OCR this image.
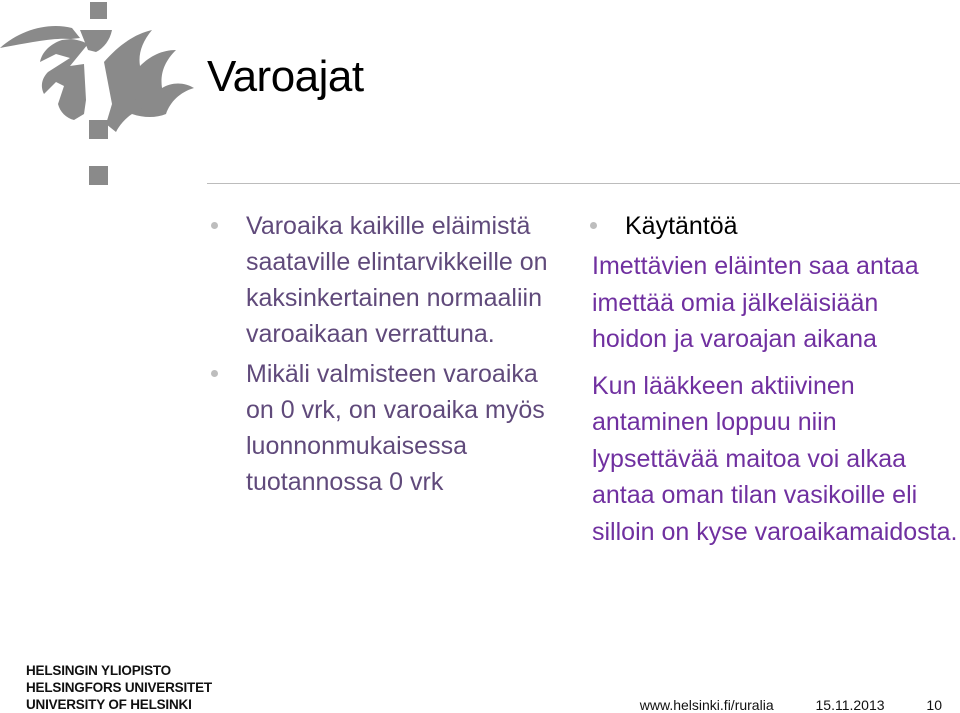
Varoajat

Varoaika kaikille eläimistä saataville elintarvikkeille on kaksinkertainen normaaliin varoaikaan verrattuna.

Mikäli valmisteen varoaika on 0 vrk, on varoaika myös luonnonmukaisessa tuotannossa 0 vrk

Käytäntöä

Imettävien eläinten saa antaa imettää omia jälkeläisiään hoidon ja varoajan aikana

Kun lääkkeen aktiivinen antaminen loppuu niin lypsettävää maitoa voi alkaa antaa oman tilan vasikoille eli silloin on kyse varoaikamaidosta.

HELSINGIN YLIOPISTO
HELSINGFORS UNIVERSITET
UNIVERSITY OF HELSINKI	www.helsinki.fi/ruralia	15.11.2013	10
